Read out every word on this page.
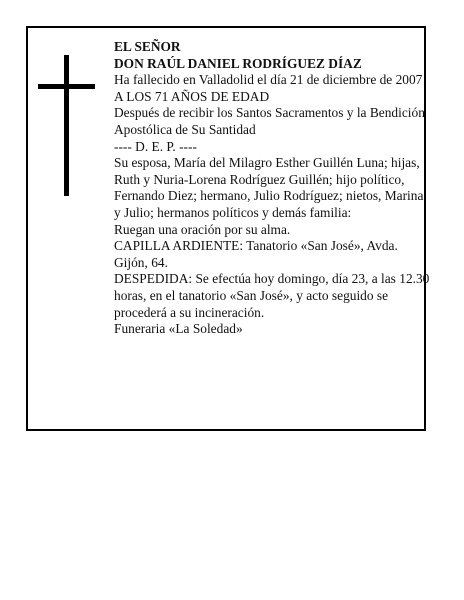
EL SEÑOR

DON RAÚL DANIEL RODRÍGUEZ DÍAZ

Ha fallecido en Valladolid el día 21 de diciembre de 2007

A LOS 71 AÑOS DE EDAD

Después de recibir los Santos Sacramentos y la Bendición Apostólica de Su Santidad

---- D. E. P. ----

Su esposa, María del Milagro Esther Guillén Luna; hijas, Ruth y Nuria-Lorena Rodríguez Guillén; hijo político, Fernando Diez; hermano, Julio Rodríguez; nietos, Marina y Julio; hermanos políticos y demás familia:

Ruegan una oración por su alma.

CAPILLA ARDIENTE: Tanatorio «San José», Avda. Gijón, 64.

DESPEDIDA: Se efectúa hoy domingo, día 23, a las 12.30 horas, en el tanatorio «San José», y acto seguido se procederá a su incineración.

Funeraria «La Soledad»
